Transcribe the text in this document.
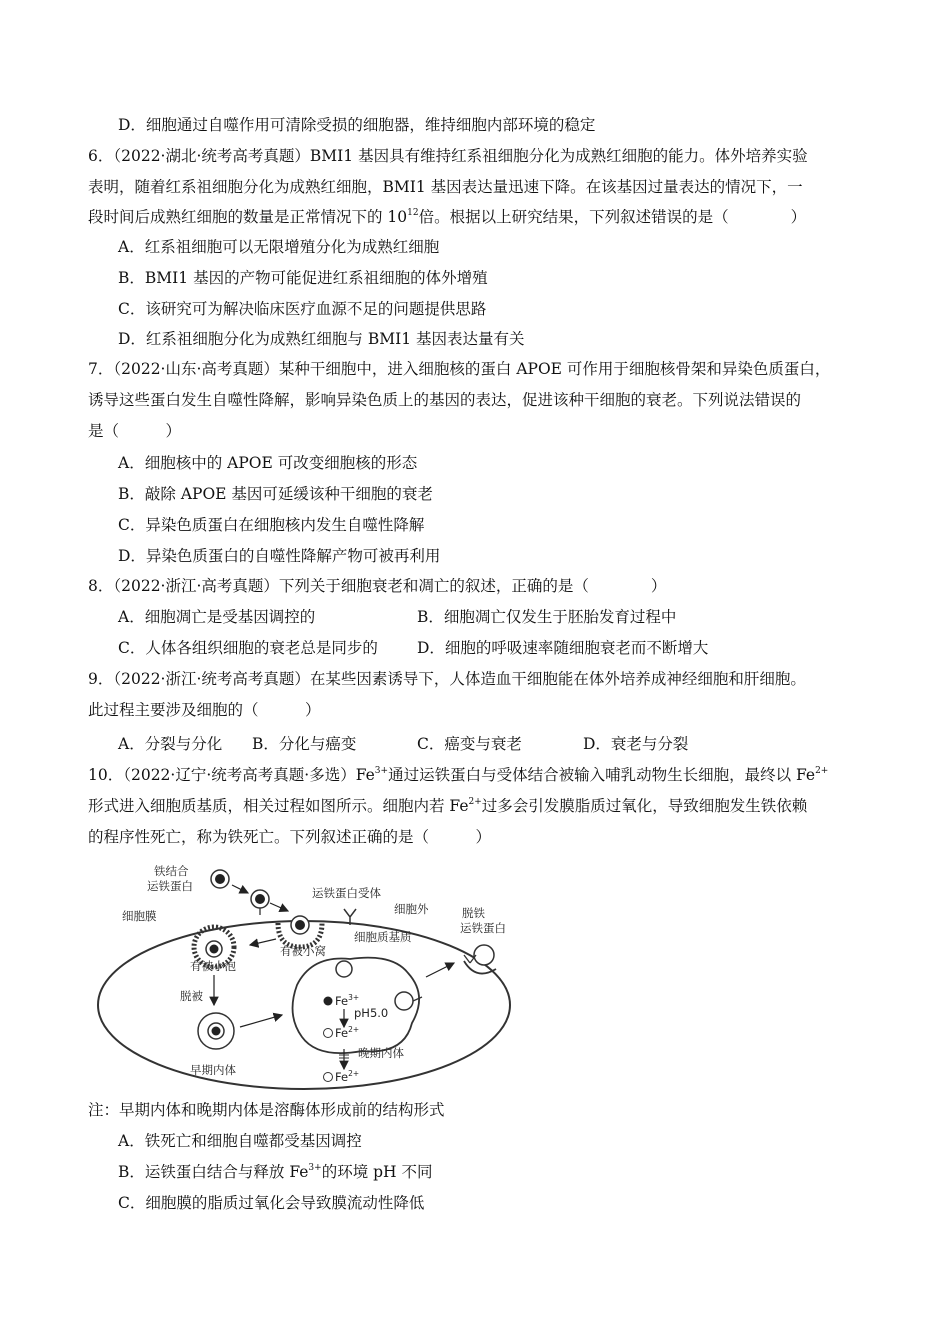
D．细胞通过自噬作用可清除受损的细胞器，维持细胞内部环境的稳定
6．（2022·湖北·统考高考真题）BMI1 基因具有维持红系祖细胞分化为成熟红细胞的能力。体外培养实验
表明，随着红系祖细胞分化为成熟红细胞，BMI1 基因表达量迅速下降。在该基因过量表达的情况下，一
段时间后成熟红细胞的数量是正常情况下的 $10^{12}$倍。根据以上研究结果，下列叙述错误的是（　　　　）
A．红系祖细胞可以无限增殖分化为成熟红细胞
B．BMI1 基因的产物可能促进红系祖细胞的体外增殖
C．该研究可为解决临床医疗血源不足的问题提供思路
D．红系祖细胞分化为成熟红细胞与 BMI1 基因表达量有关
7．（2022·山东·高考真题）某种干细胞中，进入细胞核的蛋白 APOE 可作用于细胞核骨架和异染色质蛋白，
诱导这些蛋白发生自噬性降解，影响异染色质上的基因的表达，促进该种干细胞的衰老。下列说法错误的
是（　　　）
A．细胞核中的 APOE 可改变细胞核的形态
B．敲除 APOE 基因可延缓该种干细胞的衰老
C．异染色质蛋白在细胞核内发生自噬性降解
D．异染色质蛋白的自噬性降解产物可被再利用
8．（2022·浙江·高考真题）下列关于细胞衰老和凋亡的叙述，正确的是（　　　　）
A．细胞凋亡是受基因调控的	B．细胞凋亡仅发生于胚胎发育过程中
C．人体各组织细胞的衰老总是同步的	D．细胞的呼吸速率随细胞衰老而不断增大
9．（2022·浙江·统考高考真题）在某些因素诱导下，人体造血干细胞能在体外培养成神经细胞和肝细胞。
此过程主要涉及细胞的（　　　）
A．分裂与分化 B．分化与癌变	C．癌变与衰老	D．衰老与分裂
10．（2022·辽宁·统考高考真题·多选）$Fe^{3+}$通过运铁蛋白与受体结合被输入哺乳动物生长细胞，最终以 $Fe^{2+}$
形式进入细胞质基质，相关过程如图所示。细胞内若 $Fe^{2+}$过多会引发膜脂质过氧化，导致细胞发生铁依赖
的程序性死亡，称为铁死亡。下列叙述正确的是（　　　）
铁结合
运铁蛋白	运铁蛋白受体
细胞膜	细胞外	脱铁
运铁蛋白
细胞质基质
有被小窝
有被小泡
脱被
早期内体
晚期内体
pH5.0
$Fe^{3+}$
$Fe^{2+}$
$Fe^{2+}$
注：早期内体和晚期内体是溶酶体形成前的结构形式
A．铁死亡和细胞自噬都受基因调控
B．运铁蛋白结合与释放 $Fe^{3+}$的环境 pH 不同
C．细胞膜的脂质过氧化会导致膜流动性降低
